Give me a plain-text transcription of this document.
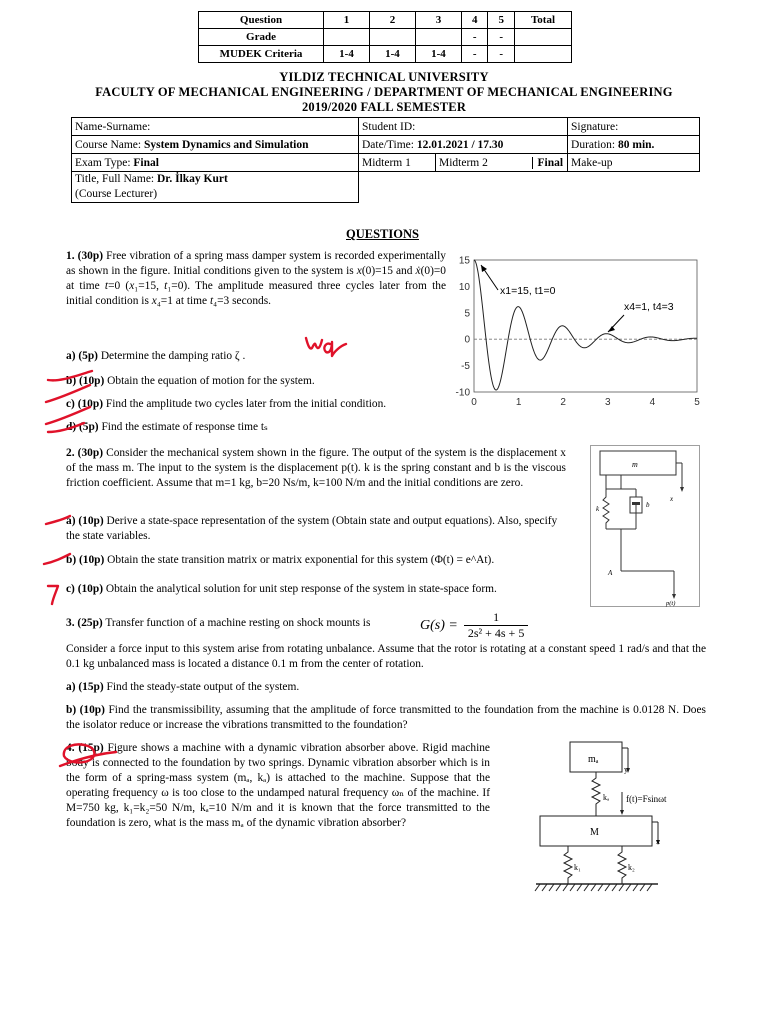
Question	1	2	3	4	5	Total
Grade				-	-	
MUDEK Criteria	1-4	1-4	1-4	-	-	
YILDIZ TECHNICAL UNIVERSITY
FACULTY OF MECHANICAL ENGINEERING / DEPARTMENT OF MECHANICAL ENGINEERING
2019/2020 FALL SEMESTER
Name-Surname:	Student ID:		Signature:
Course Name: System Dynamics and Simulation	Date/Time: 12.01.2021 / 17.30		Duration: 80 min.
Exam Type: Final	Midterm 1	Midterm 2 Final	Make-up
Title, Full Name: Dr. İlkay Kurt
(Course Lecturer)			
QUESTIONS
1. (30p) Free vibration of a spring mass damper system is recorded experimentally as shown in the figure. Initial conditions given to the system is x(0)=15 and ẋ(0)=0 at time t=0 (x₁=15, t₁=0). The amplitude measured three cycles later from the initial condition is x₄=1 at time t₄=3 seconds.
a) (5p) Determine the damping ratio ζ .
b) (10p) Obtain the equation of motion for the system.
c) (10p) Find the amplitude two cycles later from the initial condition.
d) (5p) Find the estimate of response time tₛ
15
10
5
0
-5
-10
0	1	2	3	4	5
x1=15, t1=0
x4=1, t4=3
2. (30p) Consider the mechanical system shown in the figure. The output of the system is the displacement x of the mass m. The input to the system is the displacement p(t). k is the spring constant and b is the viscous friction coefficient. Assume that m=1 kg, b=20 Ns/m, k=100 N/m and the initial conditions are zero.
a) (10p) Derive a state-space representation of the system (Obtain state and output equations). Also, specify the state variables.
b) (10p) Obtain the state transition matrix or matrix exponential for this system (Φ(t) = e^At).
c) (10p) Obtain the analytical solution for unit step response of the system in state-space form.
m
k	b
A
p(t)
x
3. (25p) Transfer function of a machine resting on shock mounts is	$G(s) = \frac{1}{\text{2s² + 4s + 5}}$
Consider a force input to this system arise from rotating unbalance. Assume that the rotor is rotating at a constant speed 1 rad/s and that the 0.1 kg unbalanced mass is located a distance 0.1 m from the center of rotation.
a) (15p) Find the steady-state output of the system.
b) (10p) Find the transmissibility, assuming that the amplitude of force transmitted to the foundation from the machine is 0.0128 N. Does the isolator reduce or increase the vibrations transmitted to the foundation?
4. (15p) Figure shows a machine with a dynamic vibration absorber above. Rigid machine body is connected to the foundation by two springs. Dynamic vibration absorber which is in the form of a spring-mass system (mₐ, kₐ) is attached to the machine. Suppose that the operating frequency ω is too close to the undamped natural frequency ωₙ of the machine. If M=750 kg, k₁=k₂=50 N/m, kₐ=10 N/m and it is known that the force transmitted to the foundation is zero, what is the mass mₐ of the dynamic vibration absorber?
mₐ
y
kₐ f(t)=Fsinωt
M
x
k₁	k₂
